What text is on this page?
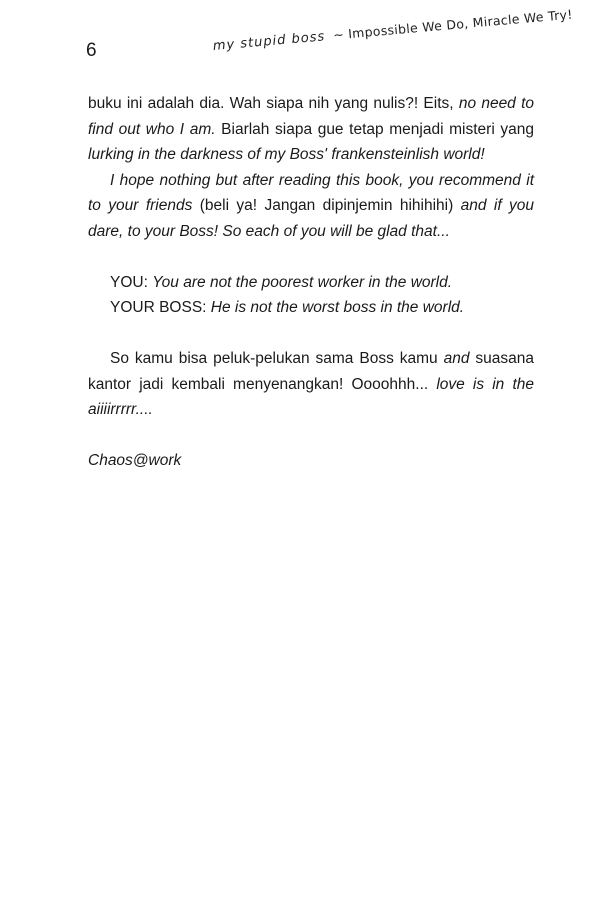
6	my stupid boss ~ Impossible We Do, Miracle We Try!

buku ini adalah dia. Wah siapa nih yang nulis?! Eits, no need to find out who I am. Biarlah siapa gue tetap menjadi misteri yang lurking in the darkness of my Boss' frankensteinlish world!

I hope nothing but after reading this book, you recommend it to your friends (beli ya! Jangan dipinjemin hihihihi) and if you dare, to your Boss! So each of you will be glad that...

YOU: You are not the poorest worker in the world.
YOUR BOSS: He is not the worst boss in the world.

So kamu bisa peluk-pelukan sama Boss kamu and suasana kantor jadi kembali menyenangkan! Oooohhh... love is in the aiiiirrrrr....

Chaos@work
